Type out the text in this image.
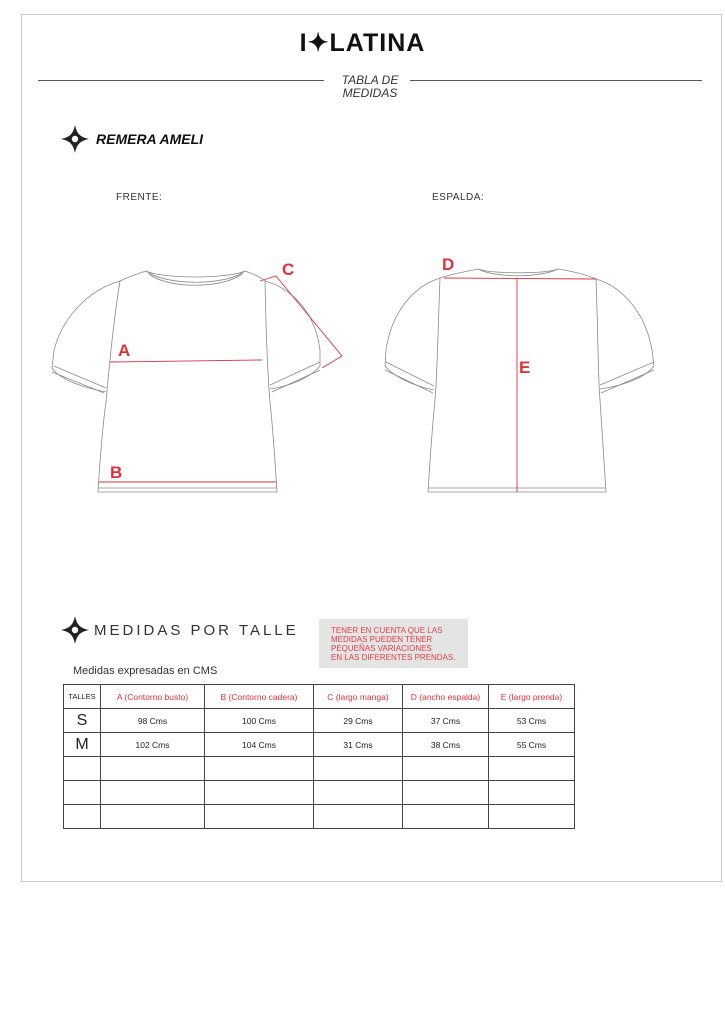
I✦LATINA
TABLA DE
MEDIDAS
REMERA AMELI
FRENTE:	ESPALDA:
A
B
C	D
E
MEDIDAS POR TALLE	TENER EN CUENTA QUE LAS
MEDIDAS PUEDEN TENER
PEQUEÑAS VARIACIONES
EN LAS DIFERENTES PRENDAS.
Medidas expresadas en CMS
TALLES	A (Contorno busto)	B (Contorno cadera)	C (largo manga)	D (ancho espalda)	E (largo prenda)
S	98 Cms	100 Cms	29 Cms	37 Cms	53 Cms
M	102 Cms	104 Cms	31 Cms	38 Cms	55 Cms
